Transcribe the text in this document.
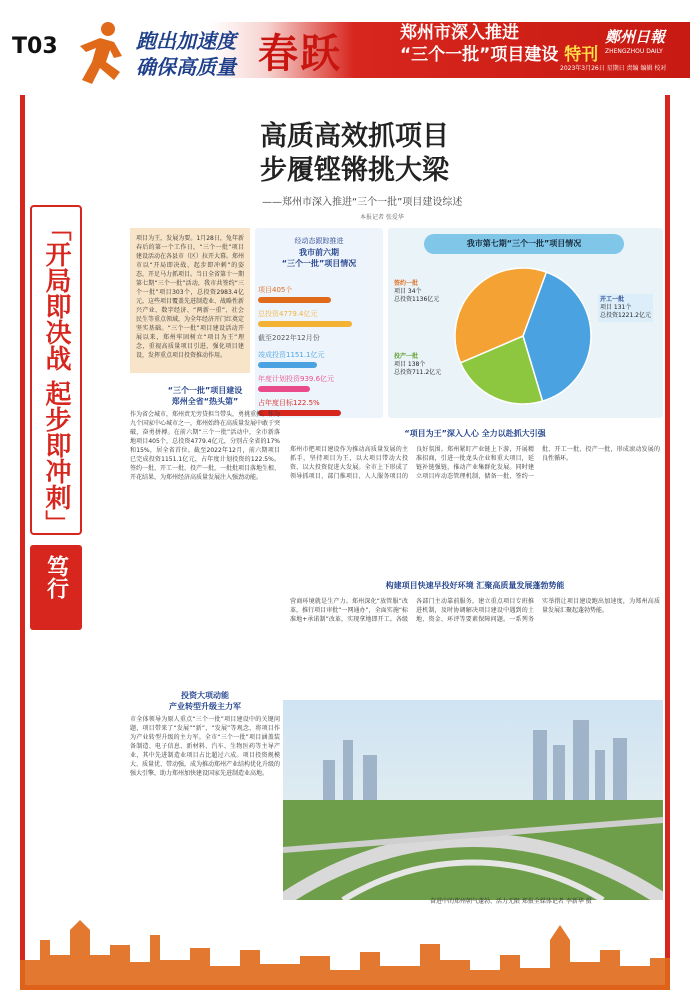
T03	跑出加速度
确保高质量 春跃	郑州市深入推进
“三个一批”项目建设 特刊
鄭州日報
ZHENGZHOU DAILY
2023年3月26日 星期日 责编 编辑 校对
「开局即决战 起步即冲刺」
笃行
高质高效抓项目
步履铿锵挑大梁
——郑州市深入推进“三个一批”项目建设综述
本报记者 张爱华
项目为王，发展为要。1月28日，兔年新春后的第一个工作日，“三个一批”项目建设活动在各县市（区）拉开大幕。郑州市以“开局即决战、起步即冲刺”的姿态，开足马力抓项目。当日全省第十一期第七期“三个一批”活动，我市共签约“三个一批”项目303个，总投资2983.4亿元。这些项目覆盖先进制造业、战略性新兴产业、数字经济、“两新一重”、社会民生等重点领域，为全年经济开门红奠定坚实基础。“三个一批”项目建设活动开展以来，郑州牢固树立“项目为王”理念，重视高质量项目引进，强化项目建设，发挥重点项目投资推动作用。
经动态跟踪推进
我市前六期
“三个一批”项目情况
项目405个
总投资4779.4亿元
截至2022年12月份
竣成投资1151.1亿元
年度计划投资939.6亿元
占年度目标122.5%
我市第七期“三个一批”项目情况
签约一批
项目 34个
总投资1136亿元	开工一批
项目 131个
总投资1221.2亿元
投产一批
项目 138个
总投资711.2亿元
“三个一批”项目建设
郑州全省“热头第”
作为省会城市，郑州责无旁贷担当带头，勇挑重担。作为九个国家中心城市之一，郑州始终在高质量发展中敢于突破，奋勇拼搏。在前六期“三个一批”活动中，全市新落地项目405个，总投资4779.4亿元，分别占全省的17%和15%，居全省首位。截至2022年12月，前六期项目已完成投资1151.1亿元，占年度计划投资的122.5%。签约一批、开工一批、投产一批，一批批项目落地生根、开花结果，为郑州经济高质量发展注入强劲动能。
投资大项动能
产业转型升级主力军
市全体领导为原人重点“三个一批”项目建设中的关键问题，项目带来了“发展”“新”，“发展”等观念，将项目作为产业转型升级的主力军。全市“三个一批”项目涵盖装备制造、电子信息、新材料、汽车、生物医药等主导产业，其中先进制造业项目占比超过六成。项目投资规模大、质量优、带动强，成为推动郑州产业结构优化升级的强大引擎，助力郑州加快建设国家先进制造业高地。
“项目为王”深入人心 全力以赴抓大引强
郑州市把项目建设作为推动高质量发展的主抓手，坚持项目为王，以大项目带动大投资、以大投资促进大发展。全市上下形成了领导抓项目、部门推项目、人人服务项目的良好氛围。郑州紧盯产业链上下游，开展精准招商，引进一批龙头企业和重大项目，延链补链强链，推动产业集群化发展。同时建立项目库动态管理机制，储备一批、签约一批、开工一批、投产一批，形成滚动发展的良性循环。
构建项目快速早投好环境 汇聚高质量发展蓬勃势能
营商环境就是生产力。郑州深化“放管服”改革，推行项目审批“一网通办”，全面实施“标准地+承诺制”改革，实现拿地即开工。各级各部门主动靠前服务，建立重点项目专班推进机制，及时协调解决项目建设中遇到的土地、资金、环评等要素保障问题。一系列务实举措让项目建设跑出加速度，为郑州高质量发展汇聚起蓬勃势能。
奋进中的郑州朝气蓬勃、活力无限 郑报全媒体记者 李新华 摄
